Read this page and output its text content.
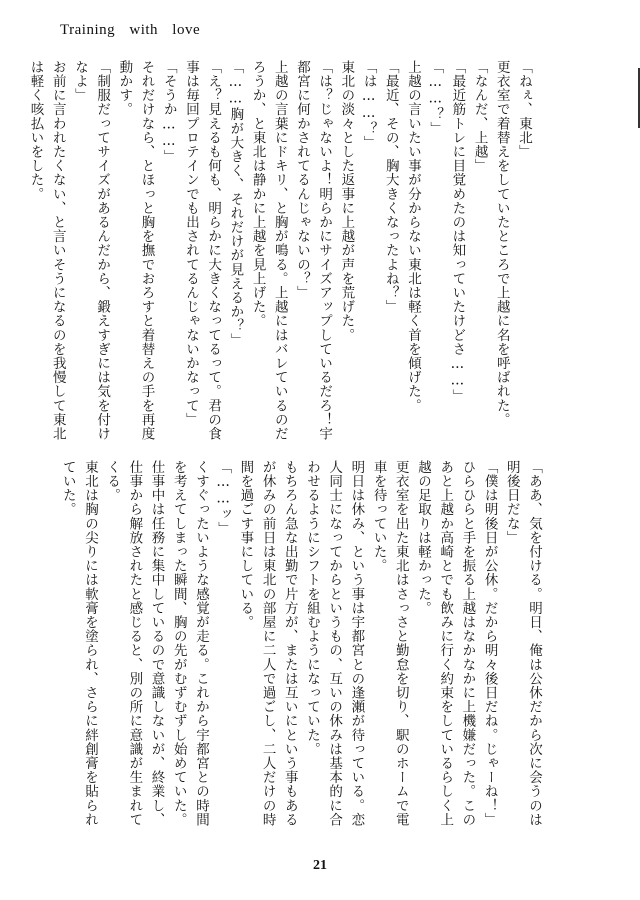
Training with love

「ねぇ、東北」

更衣室で着替えをしていたところで上越に名を呼ばれた。

「なんだ、上越」

「最近筋トレに目覚めたのは知っていたけどさ……」

「……？」

上越の言いたい事が分からない東北は軽く首を傾げた。

「最近、その、胸大きくなったよね？」

「は……？」

東北の淡々とした返事に上越が声を荒げた。

「は？じゃないよ！明らかにサイズアップしているだろ！宇都宮に何かされてるんじゃないの？」

上越の言葉にドキリ、と胸が鳴る。上越にはバレているのだろうか、と東北は静かに上越を見上げた。

「……胸が大きく、それだけが見えるか？」

「え？見えるも何も、明らかに大きくなってるって。君の食事は毎回プロテインでも出されてるんじゃないかなって」

「そうか……」

それだけなら、とほっと胸を撫でおろすと着替えの手を再度動かす。

「制服だってサイズがあるんだから、鍛えすぎには気を付けなよ」

お前に言われたくない、と言いそうになるのを我慢して東北は軽く咳払いをした。

「ああ、気を付ける。明日、俺は公休だから次に会うのは明後日だな」

「僕は明後日が公休。だから明々後日だね。じゃーね！」

ひらひらと手を振る上越はなかなかに上機嫌だった。このあと上越か高崎とでも飲みに行く約束をしているらしく上越の足取りは軽かった。

更衣室を出た東北はさっさと勤怠を切り、駅のホームで電車を待っていた。

明日は休み、という事は宇都宮との逢瀬が待っている。恋人同士になってからというもの、互いの休みは基本的に合わせるようにシフトを組むようになっていた。

もちろん急な出勤で片方が、または互いにという事もあるが休みの前日は東北の部屋に二人で過ごし、二人だけの時間を過ごす事にしている。

「……ッ」

くすぐったいような感覚が走る。これから宇都宮との時間を考えてしまった瞬間、胸の先がむずむずし始めていた。

仕事中は任務に集中しているので意識しないが、終業し、仕事から解放されたと感じると、別の所に意識が生まれてくる。

東北は胸の尖りには軟膏を塗られ、さらに絆創膏を貼られていた。

21
